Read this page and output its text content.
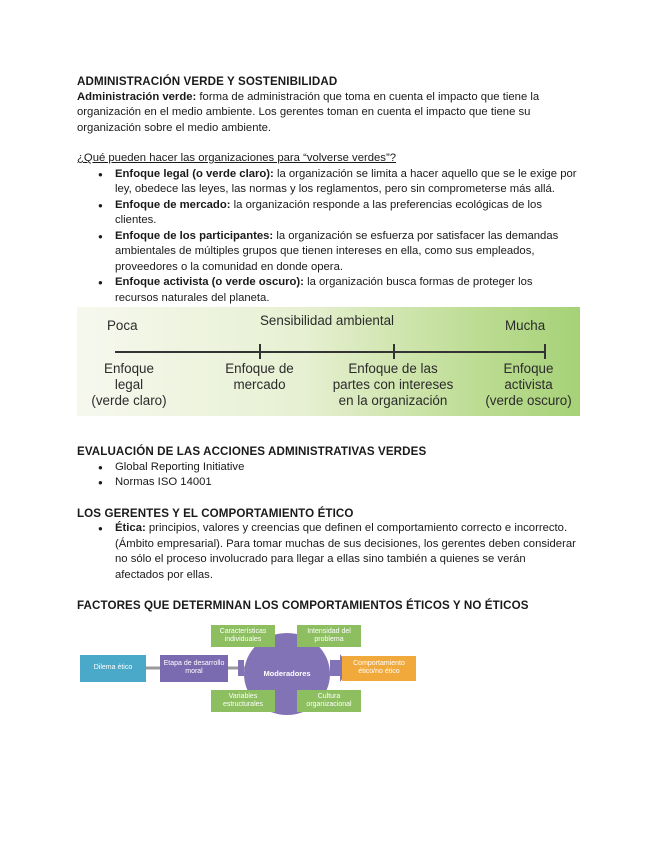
ADMINISTRACIÓN VERDE Y SOSTENIBILIDAD

Administración verde: forma de administración que toma en cuenta el impacto que tiene la organización en el medio ambiente. Los gerentes toman en cuenta el impacto que tiene su organización sobre el medio ambiente.

¿Qué pueden hacer las organizaciones para “volverse verdes”?

● Enfoque legal (o verde claro): la organización se limita a hacer aquello que se le exige por ley, obedece las leyes, las normas y los reglamentos, pero sin comprometerse más allá.
● Enfoque de mercado: la organización responde a las preferencias ecológicas de los clientes.
● Enfoque de los participantes: la organización se esfuerza por satisfacer las demandas ambientales de múltiples grupos que tienen intereses en ella, como sus empleados, proveedores o la comunidad en donde opera.
● Enfoque activista (o verde oscuro): la organización busca formas de proteger los recursos naturales del planeta.
Poca	Sensibilidad ambiental	Mucha
Enfoque
legal
(verde claro)
Enfoque de
mercado
Enfoque de las
partes con intereses
en la organización
Enfoque
activista
(verde oscuro)

EVALUACIÓN DE LAS ACCIONES ADMINISTRATIVAS VERDES

● Global Reporting Initiative
● Normas ISO 14001

LOS GERENTES Y EL COMPORTAMIENTO ÉTICO

● Ética: principios, valores y creencias que definen el comportamiento correcto e incorrecto. (Ámbito empresarial). Para tomar muchas de sus decisiones, los gerentes deben considerar no sólo el proceso involucrado para llegar a ellas sino también a quienes se verán afectados por ellas.

FACTORES QUE DETERMINAN LOS COMPORTAMIENTOS ÉTICOS Y NO ÉTICOS

Dilema ético
Etapa de desarrollo moral	Moderadores
Características individuales
Intensidad del problema
Variables estructurales
Cultura organizacional
Comportamiento ético/no ético
